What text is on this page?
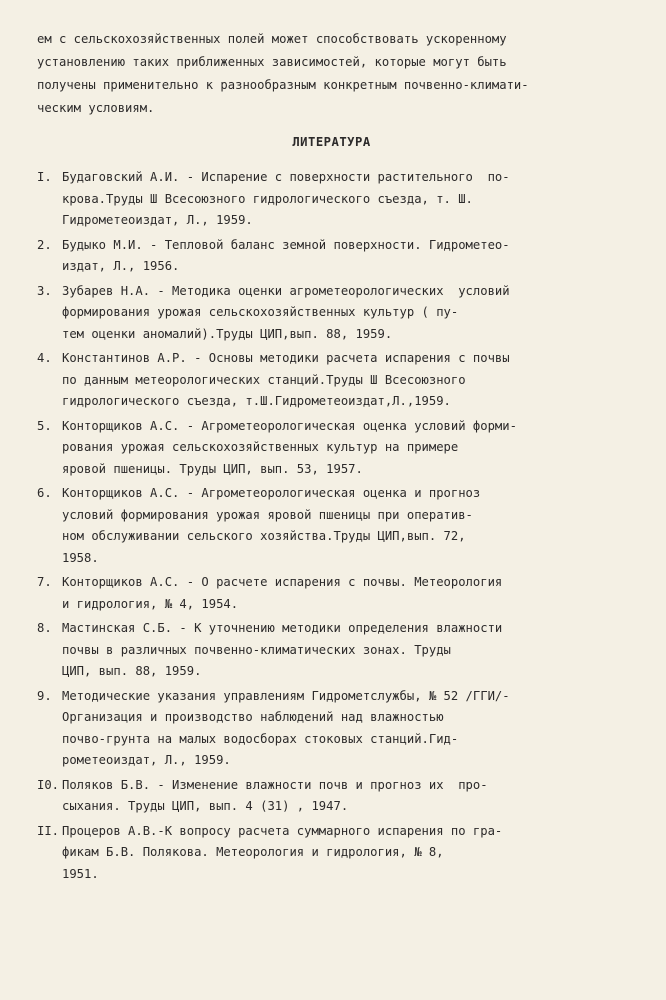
ем с сельскохозяйственных полей может способствовать ускоренному

установлению таких приближенных зависимостей, которые могут быть

получены применительно к разнообразным конкретным почвенно-климати-

ческим условиям.

ЛИТЕРАТУРА
I. Будаговский А.И. - Испарение с поверхности растительного  по-
крова.Труды Ш Всесоюзного гидрологического съезда, т. Ш.
Гидрометеоиздат, Л., 1959.
2. Будыко М.И. - Тепловой баланс земной поверхности. Гидрометео-
издат, Л., 1956.
3. Зубарев Н.А. - Методика оценки агрометеорологических  условий
формирования урожая сельскохозяйственных культур ( пу-
тем оценки аномалий).Труды ЦИП,вып. 88, 1959.
4. Константинов А.Р. - Основы методики расчета испарения с почвы
по данным метеорологических станций.Труды Ш Всесоюзного
гидрологического съезда, т.Ш.Гидрометеоиздат,Л.,1959.
5. Конторщиков А.С. - Агрометеорологическая оценка условий форми-
рования урожая сельскохозяйственных культур на примере
яровой пшеницы. Труды ЦИП, вып. 53, 1957.
6. Конторщиков А.С. - Агрометеорологическая оценка и прогноз
условий формирования урожая яровой пшеницы при оператив-
ном обслуживании сельского хозяйства.Труды ЦИП,вып. 72,
1958.
7. Конторщиков А.С. - О расчете испарения с почвы. Метеорология
и гидрология, № 4, 1954.
8. Мастинская С.Б. - К уточнению методики определения влажности
почвы в различных почвенно-климатических зонах. Труды
ЦИП, вып. 88, 1959.
9. Методические указания управлениям Гидрометслужбы, № 52 /ГГИ/-
Организация и производство наблюдений над влажностью
почво-грунта на малых водосборах стоковых станций.Гид-
рометеоиздат, Л., 1959.
I0. Поляков Б.В. - Изменение влажности почв и прогноз их  про-
сыхания. Труды ЦИП, вып. 4 (31) , 1947.
II. Процеров А.В.-К вопросу расчета суммарного испарения по гра-
фикам Б.В. Полякова. Метеорология и гидрология, № 8,
1951.
